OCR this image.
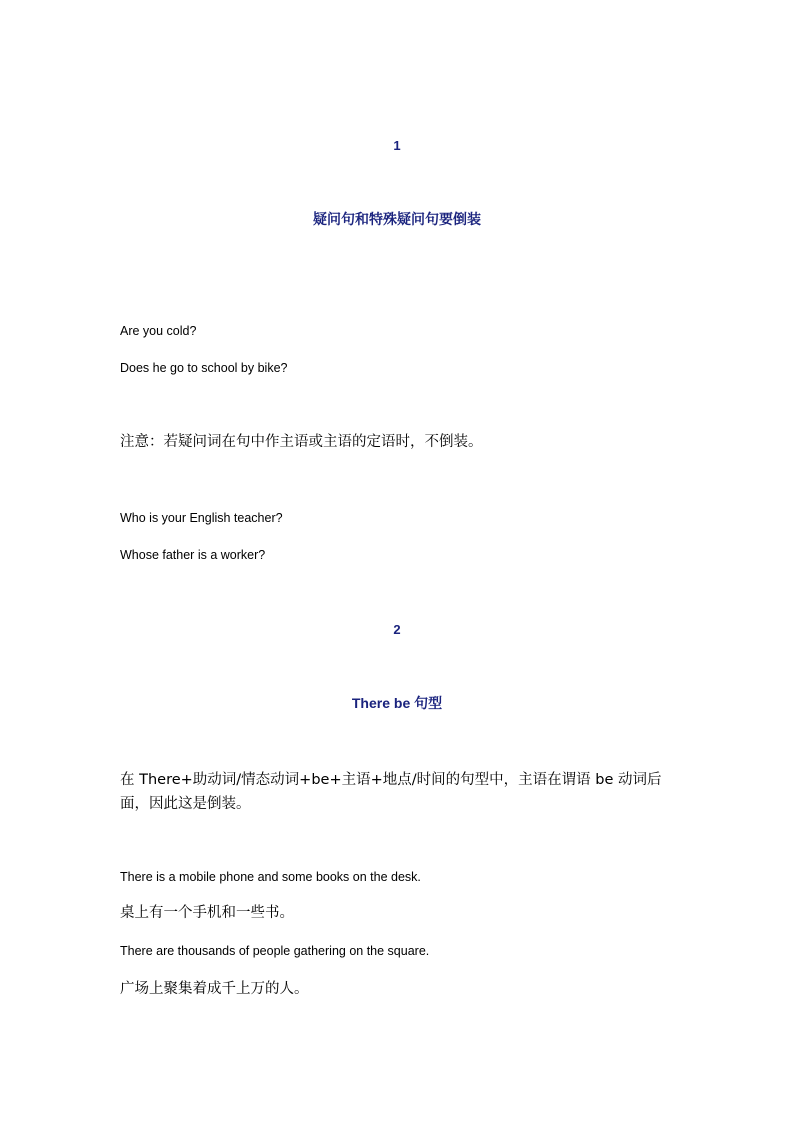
1
疑问句和特殊疑问句要倒装
Are you cold?
Does he go to school by bike?
注意：若疑问词在句中作主语或主语的定语时，不倒装。
Who is your English teacher?
Whose father is a worker?
2
There be 句型
在 There+助动词/情态动词+be+主语+地点/时间的句型中，主语在谓语 be 动词后面，因此这是倒装。
There is a mobile phone and some books on the desk.
桌上有一个手机和一些书。
There are thousands of people gathering on the square.
广场上聚集着成千上万的人。
